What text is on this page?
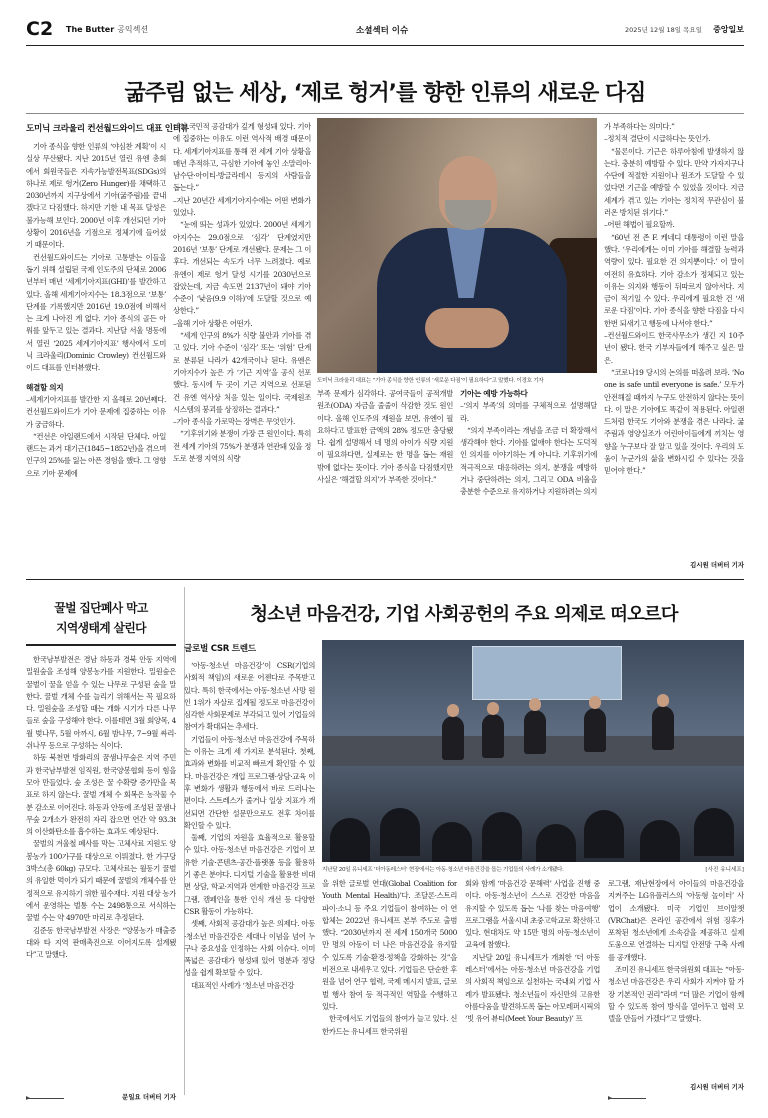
C2 The Butter 공익섹션	소셜섹터 이슈	2025년 12월 18일 목요일 중앙일보
굶주림 없는 세상, ‘제로 헝거’를 향한 인류의 새로운 다짐
도미닉 크라울리 컨선월드와이드 대표 인터뷰

기아 종식을 향한 인류의 ‘야심찬 계획’이 시실상 무산됐다. 지난 2015년 열린 유엔 총회에서 회원국들은 지속가능발전목표(SDGs)의 하나로 제로 헝거(Zero Hunger)를 채택하고 2030년까지 지구상에서 기아(굶주림)를 끝내겠다고 다짐했다. 하지만 기한 내 목표 달성은 불가능해 보인다. 2000년 이후 개선되던 기아 상황이 2016년을 기점으로 정체기에 들어섰기 때문이다.

컨선월드와이드는 기아로 고통받는 이들을 돕기 위해 설립된 국제 인도주의 단체로 2006년부터 매년 ‘세계기아지표(GHI)’를 발간하고 있다. 올해 세계기아지수는 18.3점으로 ‘보통’ 단계를 기록했지만 2016년 19.0점에 비해서는 크게 나아진 게 없다. 기아 종식의 골든 아워를 앞두고 있는 결과다. 지난달 서울 명동에서 열린 ‘2025 세계기아지표’ 행사에서 도미닉 크라울리(Dominic Crowley) 컨선월드와이드 대표를 인터뷰했다.

해결할 의지

–세계기아지표를 발간한 지 올해로 20년째다. 컨선월드와이드가 기아 문제에 집중하는 이유가 궁금하다.

“컨선은 아일랜드에서 시작된 단체다. 아일랜드는 과거 대기근(1845~1852년)을 겪으며 인구의 25%를 잃는 아픈 경험을 했다. 그 영향으로 기아 문제에

대한 국민적 공감대가 깊게 형성돼 있다. 기아에 집중하는 이유도 이런 역사적 배경 때문이다. 세계기아지표를 통해 전 세계 기아 상황을 매년 추적하고, 극심한 기아에 놓인 소말리아·남수단·아이티·방글라데시 등지의 사람들을 돕는다.”

–지난 20년간 세계기아지수에는 어떤 변화가 있었나.

“눈에 띄는 성과가 있었다. 2000년 세계기아지수는 29.0점으로 ‘심각’ 단계였지만 2016년 ‘보통’ 단계로 개선됐다. 문제는 그 이후다. 개선되는 속도가 너무 느려졌다. 예로 유엔이 제로 헝거 달성 시기를 2030년으로 잡았는데, 지금 속도면 2137년이 돼야 기아 수준이 ‘낮음(9.9 이하)’에 도달할 것으로 예상한다.”

–올해 기아 상황은 어떤가.

“세계 인구의 8%가 식량 불안과 기아를 겪고 있다. 기아 수준이 ‘심각’ 또는 ‘위험’ 단계로 분류된 나라가 42개국이나 된다. 유엔은 기아지수가 높은 가 ‘기근 지역’을 공식 선포했다. 동시에 두 곳이 기근 지역으로 선포된 건 유엔 역사상 처음 있는 일이다. 국제원조 시스템의 붕괴를 상징하는 결과다.”

–기아 종식을 가로막는 장벽은 무엇인가.

“기후위기와 분쟁이 가장 큰 원인이다. 특히 전 세계 기아의 75%가 분쟁과 연관돼 있을 정도로 분쟁 지역의 식량

도미닉 크라울리 대표는 “기아 종식을 향한 인류의 ‘새로운 다짐’이 필요하다”고 말했다. 이경호 기자

부족 문제가 심각하다. 공여국들이 공적개발원조(ODA) 자금을 줄줄이 삭감한 것도 원인이다. 올해 인도주의 재원을 보면, 유엔이 필요하다고 발표한 금액의 28% 정도만 충당됐다. 쉽게 설명해서 네 명의 아이가 식량 지원이 필요하다면, 실제로는 한 명을 돕는 재원밖에 없다는 뜻이다. 기아 종식을 다짐했지만 사실은 ‘해결할 의지’가 부족한 것이다.”

기아는 예방 가능하다

–‘의지 부족’의 의미를 구체적으로 설명해달라.

“의지 부족이라는 개념을 조금 더 확장해서 생각해야 한다. 기아를 없애야 한다는 도덕적인 의지를 이야기하는 게 아니다. 기후위기에 적극적으로 대응하려는 의지, 분쟁을 예방하거나 중단하려는 의지, 그리고 ODA 비율을 충분한 수준으로 유지하거나 지원하려는 의지

가 부족하다는 의미다.”

–정치적 결단이 시급하다는 뜻인가.

“물론이다. 기근은 하루아침에 발생하지 않는다. 충분히 예방할 수 있다. 만약 가자지구나 수단에 적절한 지원이나 원조가 도달할 수 있었다면 기근을 예방할 수 있었을 것이다. 지금 세계가 겪고 있는 기아는 정치적 무관심이 불러온 방치된 위기다.”

–어떤 해법이 필요할까.

“60년 전 존 F. 케네디 대통령이 이런 말을 했다. ‘우리에게는 이미 기아를 해결할 능력과 역량이 있다. 필요한 건 의지뿐이다.’ 이 말이 여전히 유효하다. 기아 감소가 정체되고 있는 이유는 의지와 행동이 뒤따르지 않아서다. 지금이 적기일 수 있다. 우리에게 필요한 건 ‘새로운 다짐’이다. 기아 종식을 향한 다짐을 다시 한번 되새기고 행동에 나서야 한다.”

–컨선월드와이드 한국사무소가 생긴 지 10주년이 됐다. 한국 기부자들에게 해주고 싶은 말은.

“코로나19 당시의 논의를 떠올려 보라. ‘No one is safe until everyone is safe.’ 모두가 안전해질 때까지 누구도 안전하지 않다는 뜻이다. 이 말은 기아에도 똑같이 적용된다. 아일랜드처럼 한국도 기아와 분쟁을 겪은 나라다. 굶주림과 영양실조가 어린아이들에게 끼치는 영향을 누구보다 잘 알고 있을 것이다. 우리의 도움이 누군가의 삶을 변화시킬 수 있다는 것을 믿어야 한다.”

김시원 더버터 기자
꿀벌 집단폐사 막고
지역생태계 살린다

한국남부발전은 경남 하동과 경북 안동 지역에 밀원숲을 조성해 양봉농가를 지원한다. 밀원숲은 꿀벌이 꿀을 얻을 수 있는 나무로 구성된 숲을 말한다. 꿀벌 개체 수를 늘리기 위해서는 꼭 필요하다. 밀원숲을 조성할 때는 개화 시기가 다른 나무들로 숲을 구성해야 한다. 이를테면 3월 회양목, 4월 벚나무, 5월 아까시, 6월 밤나무, 7~9월 싸리·쉬나무 등으로 구성하는 식이다.

하동 북천면 방화리의 꿈샘나무숲은 지역 주민과 한국남부발전 임직원, 한국양봉협회 등이 힘을 모아 만들었다. 숲 조성은 꿀 수확량 증가만을 목표로 하지 않는다. 꿀벌 개체 수 회복은 농작물 수분 감소로 이어진다. 하동과 안동에 조성된 꿀샘나무숲 2개소가 완전히 자리 잡으면 연간 약 93.3t의 이산화탄소를 흡수하는 효과도 예상된다.

꿀벌의 겨울철 폐사를 막는 고체사료 지원도 양봉농가 100가구를 대상으로 이뤄졌다. 한 가구당 3박스(총 60kg) 규모다. 고체사료는 월동기 꿀벌의 유일한 먹이가 되기 때문에 꿀벌의 개체수를 안정적으로 유지하기 위한 필수재다. 지원 대상 농가에서 운영하는 벌통 수는 2498통으로 서식하는 꿀벌 수는 약 4970만 마리로 추정된다.

김준동 한국남부발전 사장은 “양봉농가 매출증대와 타 지역 판매촉진으로 이어지도록 설계됐다”고 말했다.

문일요 더버터 기자
청소년 마음건강, 기업 사회공헌의 주요 의제로 떠오르다
글로벌 CSR 트렌드

‘아동·청소년 마음건강’이 CSR(기업의 사회적 책임)의 새로운 어젠다로 주목받고 있다. 특히 한국에서는 아동·청소년 사망 원인 1위가 자살로 집계될 정도로 마음건강이 심각한 사회문제로 부각되고 있어 기업들의 참여가 확대되는 추세다.

기업들이 아동·청소년 마음건강에 주목하는 이유는 크게 세 가지로 분석된다. 첫째, 효과와 변화를 비교적 빠르게 확인할 수 있다. 마음건강은 개입 프로그램·상담·교육 이후 변화가 생활과 행동에서 바로 드러나는 편이다. 스트레스가 줄거나 일상 지표가 개선되면 간단한 설문만으로도 전후 차이를 확인할 수 있다.

둘째, 기업의 자원을 효율적으로 활용할 수 있다. 아동·청소년 마음건강은 기업이 보유한 기술·콘텐츠·공간·플랫폼 등을 활용하기 좋은 분야다. 디지털 기술을 활용한 비대면 상담, 학교·지역과 연계한 마음건강 프로그램, 캠페인을 통한 인식 개선 등 다양한 CSR 활동이 가능하다.

셋째, 사회적 공감대가 높은 의제다. 아동·청소년 마음건강은 세대나 이념을 넘어 누구나 중요성을 인정하는 사회 이슈다. 이미 폭넓은 공감대가 형성돼 있어 명분과 정당성을 쉽게 확보할 수 있다.

대표적인 사례가 ‘청소년 마음건강

지난달 20일 유니세프 ‘더아동레스터’ 현장에서는 아동·청소년 마음건강을 돕는 기업들의 사례가 소개됐다.	[사진 유니세프]

을 위한 글로벌 연대(Global Coalition for Youth Mental Health)’다. 조달론·스트리파이·소니 등 주요 기업들이 참여하는 이 연합체는 2022년 유니세프 본부 주도로 출범했다. “2030년까지 전 세계 150개국 5000만 명의 아동이 더 나은 마음건강을 유지할 수 있도록 기술·환경·정책을 강화하는 것”을 비전으로 내세우고 있다. 기업들은 단순한 후원을 넘어 연구 협력, 국제 메시지 발표, 글로벌 행사 참여 등 적극적인 역할을 수행하고 있다.

한국에서도 기업들의 참여가 늘고 있다. 신한카드는 유니세프 한국위원

회와 함께 ‘마음건강 문해력’ 사업을 진행 중이다. 아동·청소년이 스스로 건강한 마음을 유지할 수 있도록 돕는 ‘나를 찾는 마음여행’ 프로그램을 서울시내 초중고학교로 확산하고 있다. 현대차도 약 15만 명의 아동·청소년이 교육에 참했다.

지난달 20일 유니세프가 개최한 ‘더 아동레스터’에서는 아동·청소년 마음건강을 기업의 사회적 책임으로 실천하는 국내외 기업 사례가 발표됐다. 청소년들이 자신만의 고유한 아름다움을 발견하도록 돕는 아모레퍼시픽의 ‘빗 유어 뷰티(Meet Your Beauty)’ 프

로그램, 재난현장에서 아이들의 마음건강을 지켜주는 LG유플러스의 ‘아동형 놀이터’ 사업이 소개됐다. 미국 기업인 브이알챗(VRChat)은 온라인 공간에서 위험 징후가 포착된 청소년에게 소속감을 제공하고 실제 도움으로 연결하는 디지털 안전망 구축 사례를 공개했다.

조미진 유니세프 한국위원회 대표는 “아동·청소년 마음건강은 우리 사회가 지켜야 할 가장 기본적인 권리”라며 “더 많은 기업이 함께할 수 있도록 참여 방식을 열어두고 협력 모델을 만들어 가겠다”고 말했다.

김시원 더버터 기자
